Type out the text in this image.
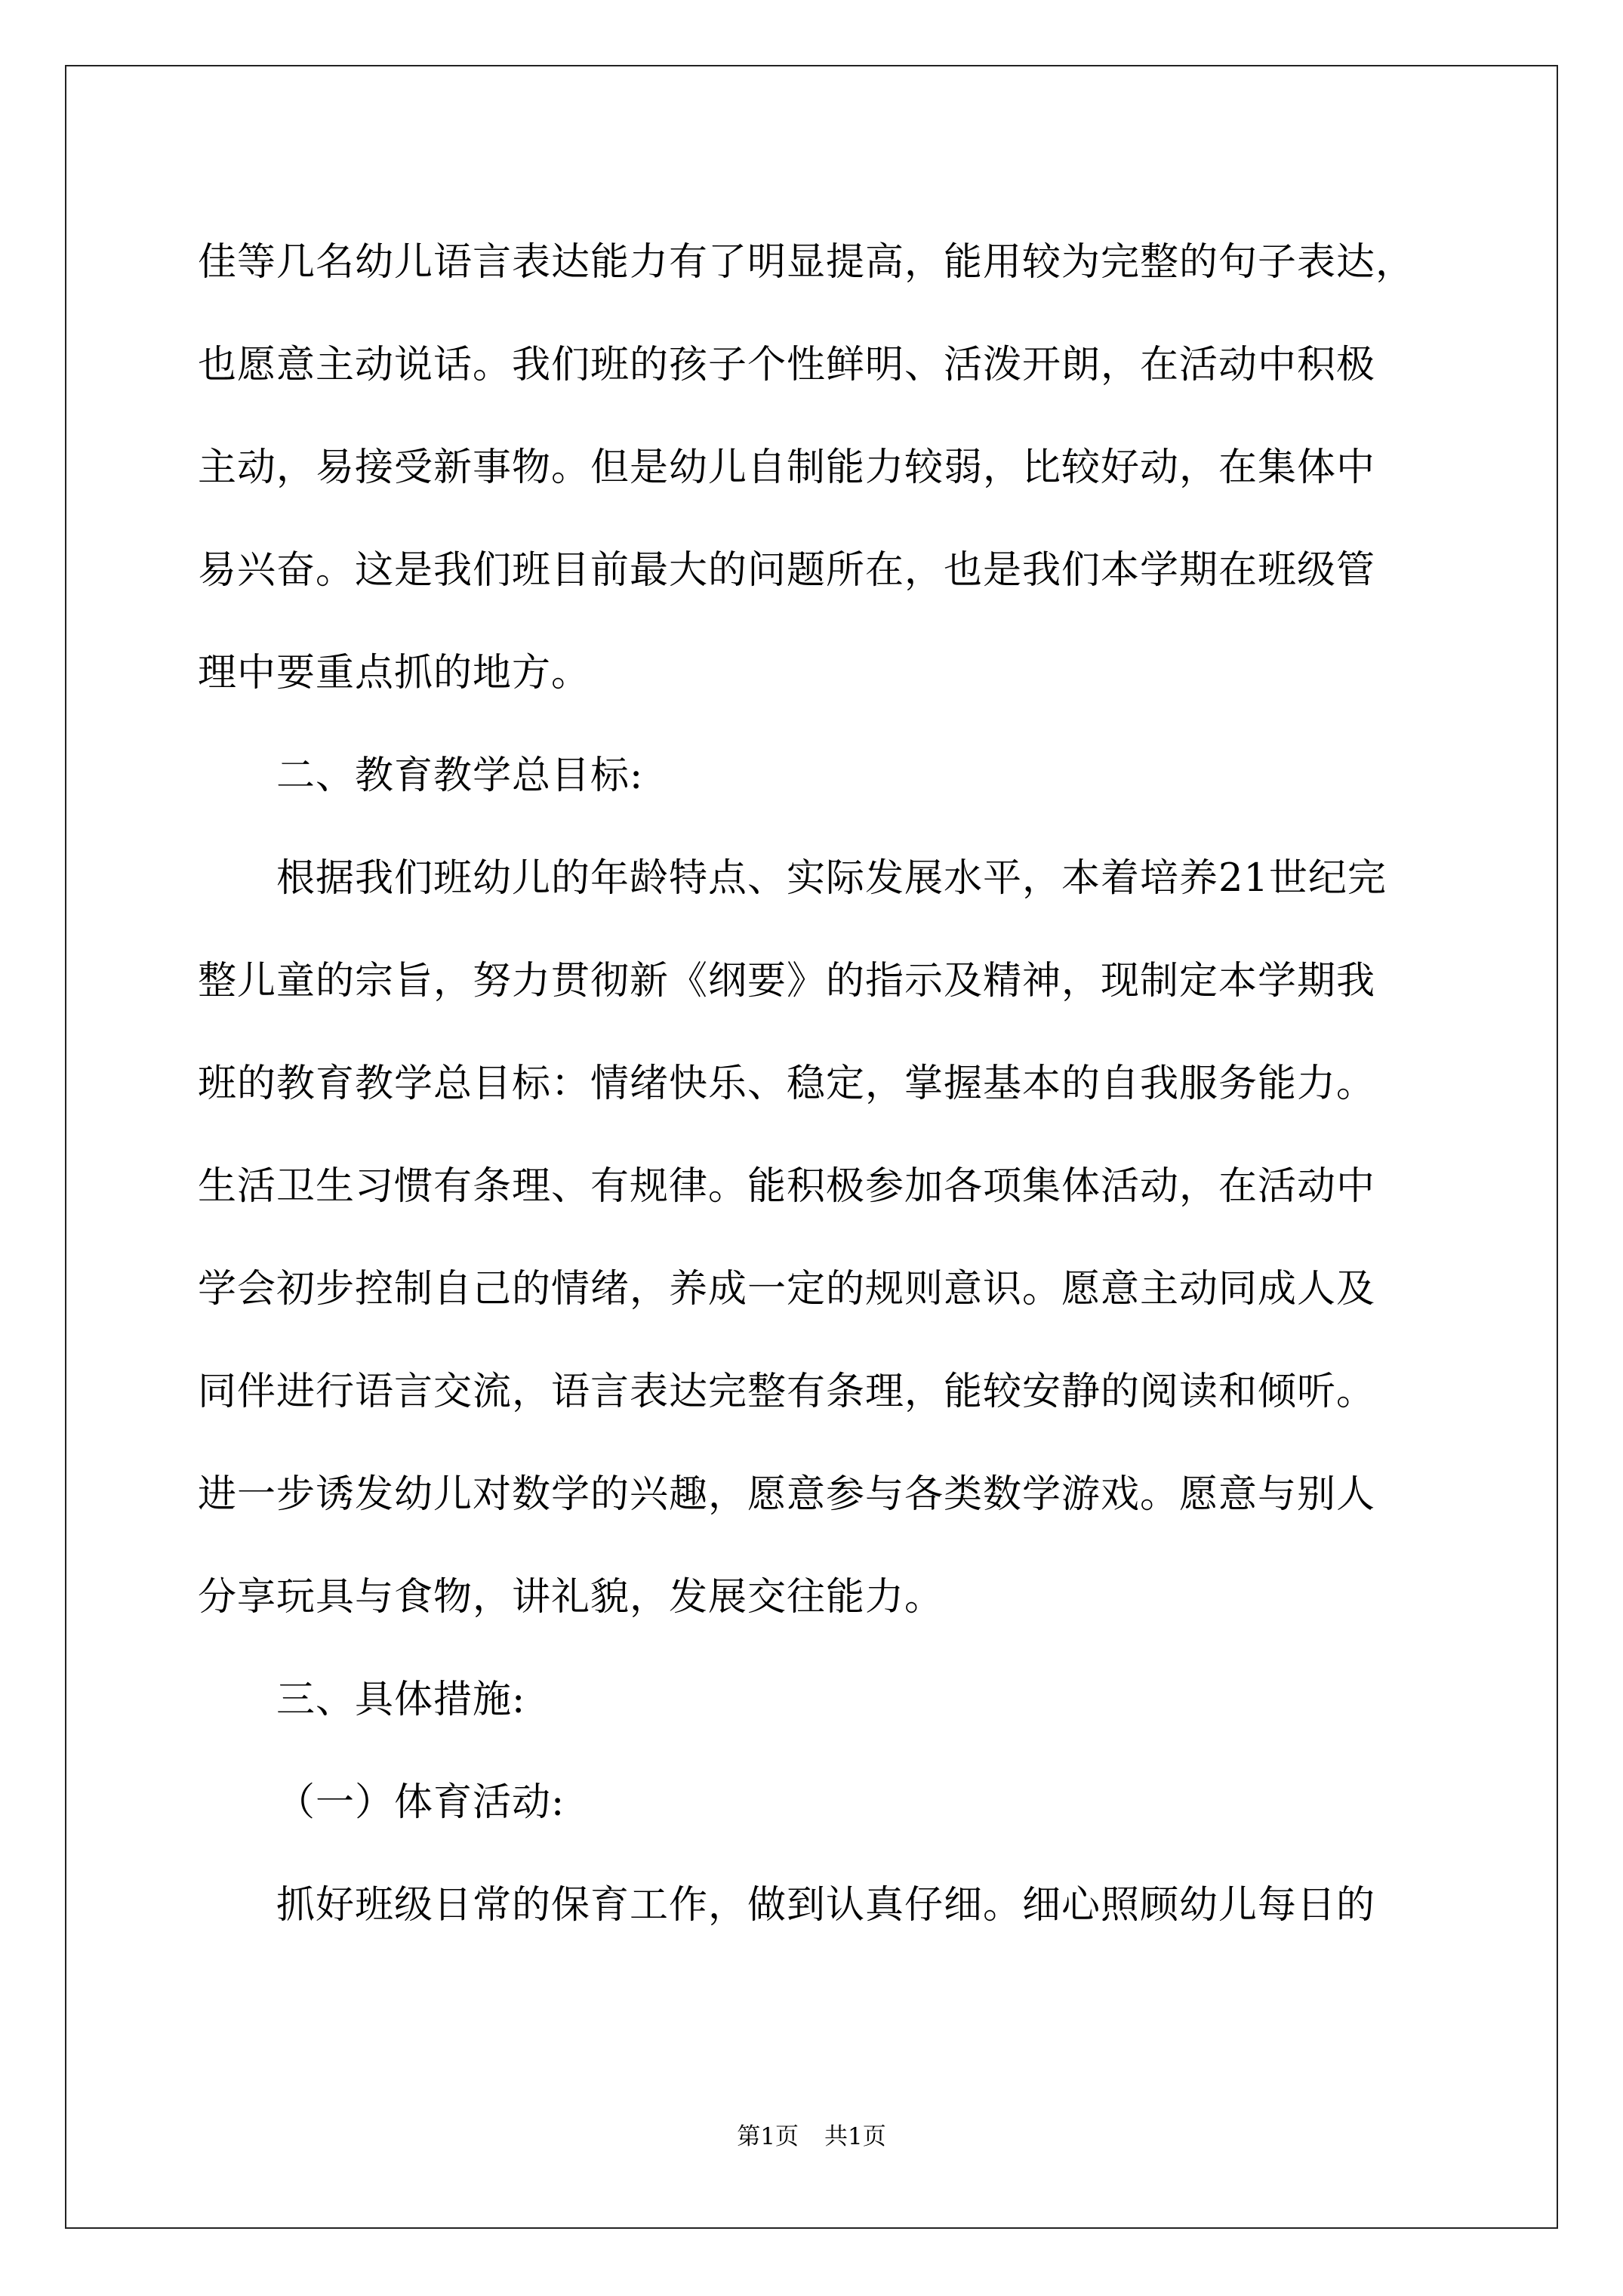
佳等几名幼儿语言表达能力有了明显提高，能用较为完整的句子表达，
也愿意主动说话。我们班的孩子个性鲜明、活泼开朗，在活动中积极
主动，易接受新事物。但是幼儿自制能力较弱，比较好动，在集体中
易兴奋。这是我们班目前最大的问题所在，也是我们本学期在班级管
理中要重点抓的地方。
二、教育教学总目标:
根据我们班幼儿的年龄特点、实际发展水平，本着培养21世纪完
整儿童的宗旨，努力贯彻新《纲要》的指示及精神，现制定本学期我
班的教育教学总目标：情绪快乐、稳定，掌握基本的自我服务能力。
生活卫生习惯有条理、有规律。能积极参加各项集体活动，在活动中
学会初步控制自己的情绪，养成一定的规则意识。愿意主动同成人及
同伴进行语言交流，语言表达完整有条理，能较安静的阅读和倾听。
进一步诱发幼儿对数学的兴趣，愿意参与各类数学游戏。愿意与别人
分享玩具与食物，讲礼貌，发展交往能力。
三、具体措施:
（一）体育活动:
抓好班级日常的保育工作，做到认真仔细。细心照顾幼儿每日的
第1页 共1页
